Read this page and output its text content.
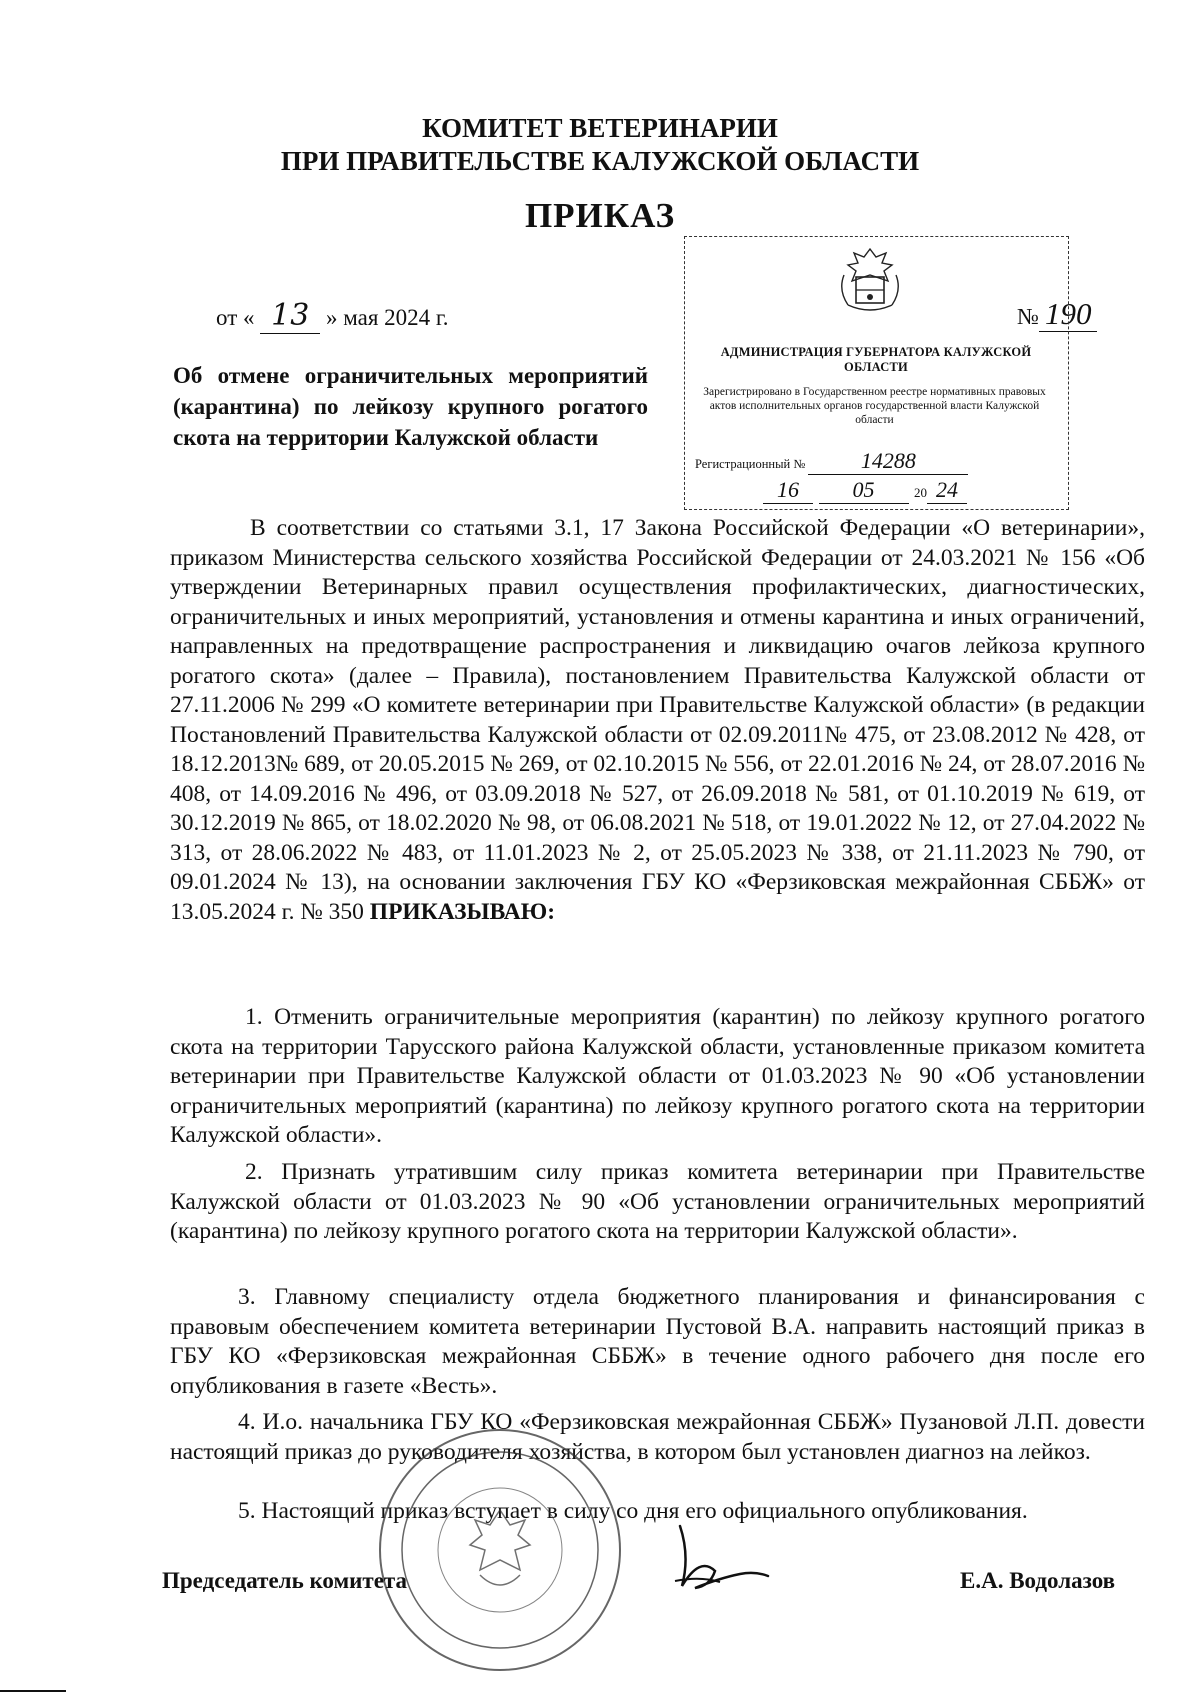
КОМИТЕТ ВЕТЕРИНАРИИ
ПРИ ПРАВИТЕЛЬСТВЕ КАЛУЖСКОЙ ОБЛАСТИ
ПРИКАЗ
от « 13 » мая 2024 г.	№ 190
Об отмене ограничительных мероприятий (карантина) по лейкозу крупного рогатого скота на территории Калужской области
АДМИНИСТРАЦИЯ ГУБЕРНАТОРА КАЛУЖСКОЙ ОБЛАСТИ
Зарегистрировано в Государственном реестре нормативных правовых актов исполнительных органов государственной власти Калужской области
Регистрационный №	14288
16 05	20 24
В соответствии со статьями 3.1, 17 Закона Российской Федерации «О ветеринарии», приказом Министерства сельского хозяйства Российской Федерации от 24.03.2021 № 156 «Об утверждении Ветеринарных правил осуществления профилактических, диагностических, ограничительных и иных мероприятий, установления и отмены карантина и иных ограничений, направленных на предотвращение распространения и ликвидацию очагов лейкоза крупного рогатого скота» (далее – Правила), постановлением Правительства Калужской области от 27.11.2006 № 299 «О комитете ветеринарии при Правительстве Калужской области» (в редакции Постановлений Правительства Калужской области от 02.09.2011№ 475, от 23.08.2012 № 428, от 18.12.2013№ 689, от 20.05.2015 № 269, от 02.10.2015 № 556, от 22.01.2016 № 24, от 28.07.2016 № 408, от 14.09.2016 № 496, от 03.09.2018 № 527, от 26.09.2018 № 581, от 01.10.2019 № 619, от 30.12.2019 № 865, от 18.02.2020 № 98, от 06.08.2021 № 518, от 19.01.2022 № 12, от 27.04.2022 № 313, от 28.06.2022 № 483, от 11.01.2023 № 2, от 25.05.2023 № 338, от 21.11.2023 № 790, от 09.01.2024 № 13), на основании заключения ГБУ КО «Ферзиковская межрайонная СББЖ» от 13.05.2024 г. № 350 ПРИКАЗЫВАЮ:
1. Отменить ограничительные мероприятия (карантин) по лейкозу крупного рогатого скота на территории Тарусского района Калужской области, установленные приказом комитета ветеринарии при Правительстве Калужской области от 01.03.2023 № 90 «Об установлении ограничительных мероприятий (карантина) по лейкозу крупного рогатого скота на территории Калужской области».
2. Признать утратившим силу приказ комитета ветеринарии при Правительстве Калужской области от 01.03.2023 № 90 «Об установлении ограничительных мероприятий (карантина) по лейкозу крупного рогатого скота на территории Калужской области».
3. Главному специалисту отдела бюджетного планирования и финансирования с правовым обеспечением комитета ветеринарии Пустовой В.А. направить настоящий приказ в ГБУ КО «Ферзиковская межрайонная СББЖ» в течение одного рабочего дня после его опубликования в газете «Весть».
4. И.о. начальника ГБУ КО «Ферзиковская межрайонная СББЖ» Пузановой Л.П. довести настоящий приказ до руководителя хозяйства, в котором был установлен диагноз на лейкоз.
5. Настоящий приказ вступает в силу со дня его официального опубликования.
Председатель комитета	Е.А. Водолазов
